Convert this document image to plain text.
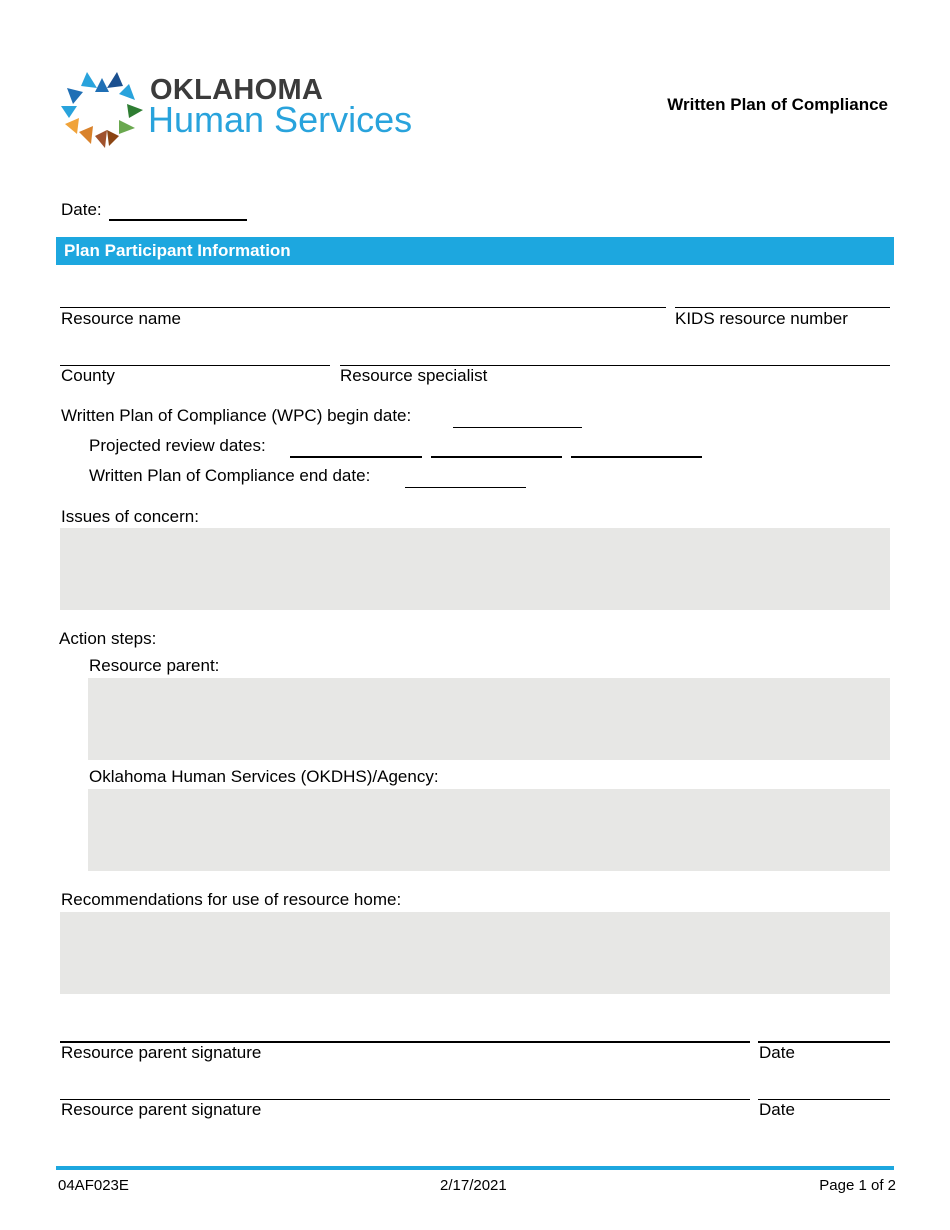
OKLAHOMA
Human Services	Written Plan of Compliance
Date:
Plan Participant Information
Resource name	KIDS resource number
County	Resource specialist
Written Plan of Compliance (WPC) begin date:
Projected review dates:
Written Plan of Compliance end date:
Issues of concern:
Action steps:
Resource parent:
Oklahoma Human Services (OKDHS)/Agency:
Recommendations for use of resource home:
Resource parent signature	Date
Resource parent signature	Date
04AF023E	2/17/2021	Page 1 of 2
